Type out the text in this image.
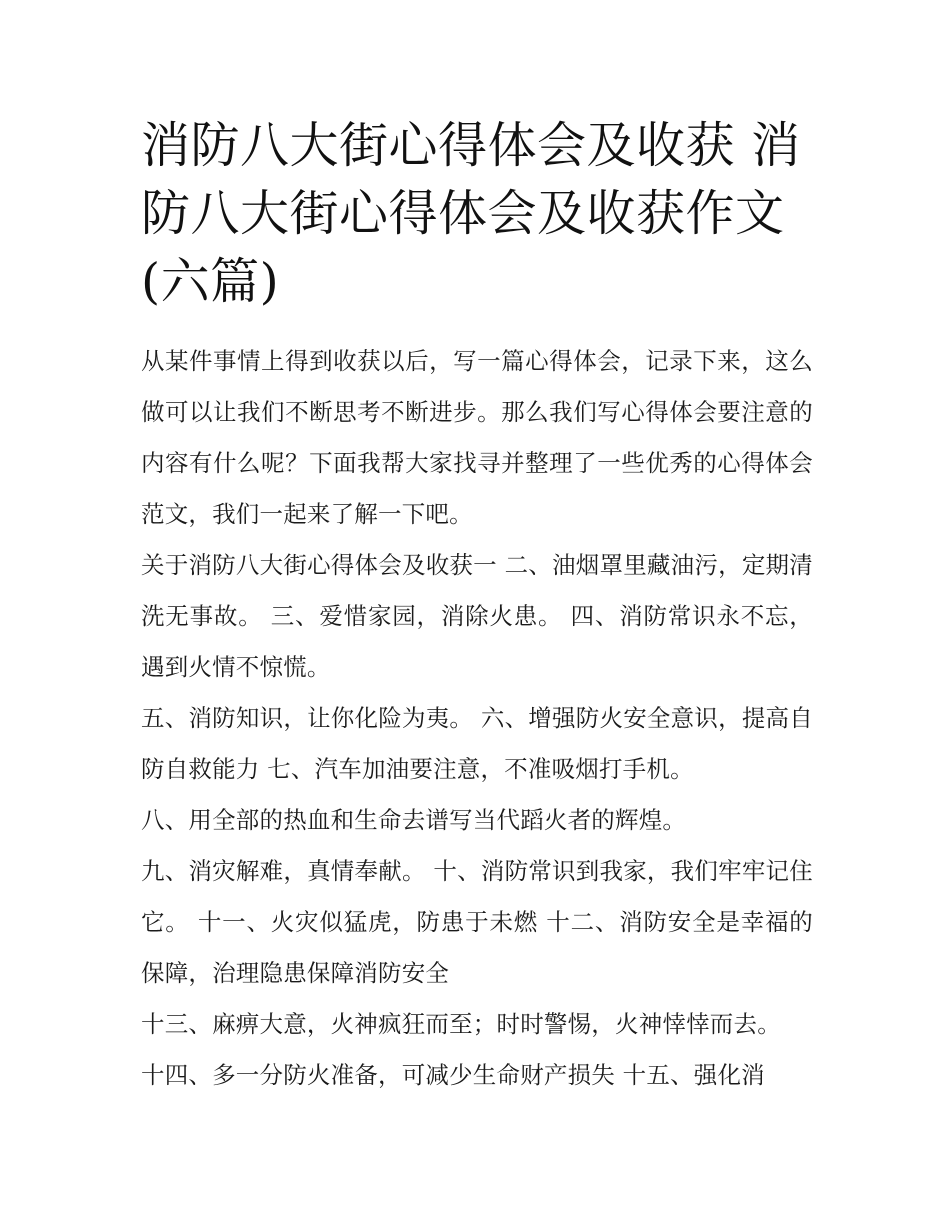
消防八大街心得体会及收获 消防八大街心得体会及收获作文(六篇)

从某件事情上得到收获以后，写一篇心得体会，记录下来，这么做可以让我们不断思考不断进步。那么我们写心得体会要注意的内容有什么呢？下面我帮大家找寻并整理了一些优秀的心得体会范文，我们一起来了解一下吧。

关于消防八大街心得体会及收获一 二、油烟罩里藏油污，定期清洗无事故。 三、爱惜家园，消除火患。 四、消防常识永不忘，遇到火情不惊慌。

五、消防知识，让你化险为夷。 六、增强防火安全意识，提高自防自救能力 七、汽车加油要注意，不准吸烟打手机。

八、用全部的热血和生命去谱写当代蹈火者的辉煌。

九、消灾解难，真情奉献。 十、消防常识到我家，我们牢牢记住它。 十一、火灾似猛虎，防患于未燃 十二、消防安全是幸福的保障，治理隐患保障消防安全

十三、麻痹大意，火神疯狂而至；时时警惕，火神悻悻而去。

十四、多一分防火准备，可减少生命财产损失 十五、强化消
